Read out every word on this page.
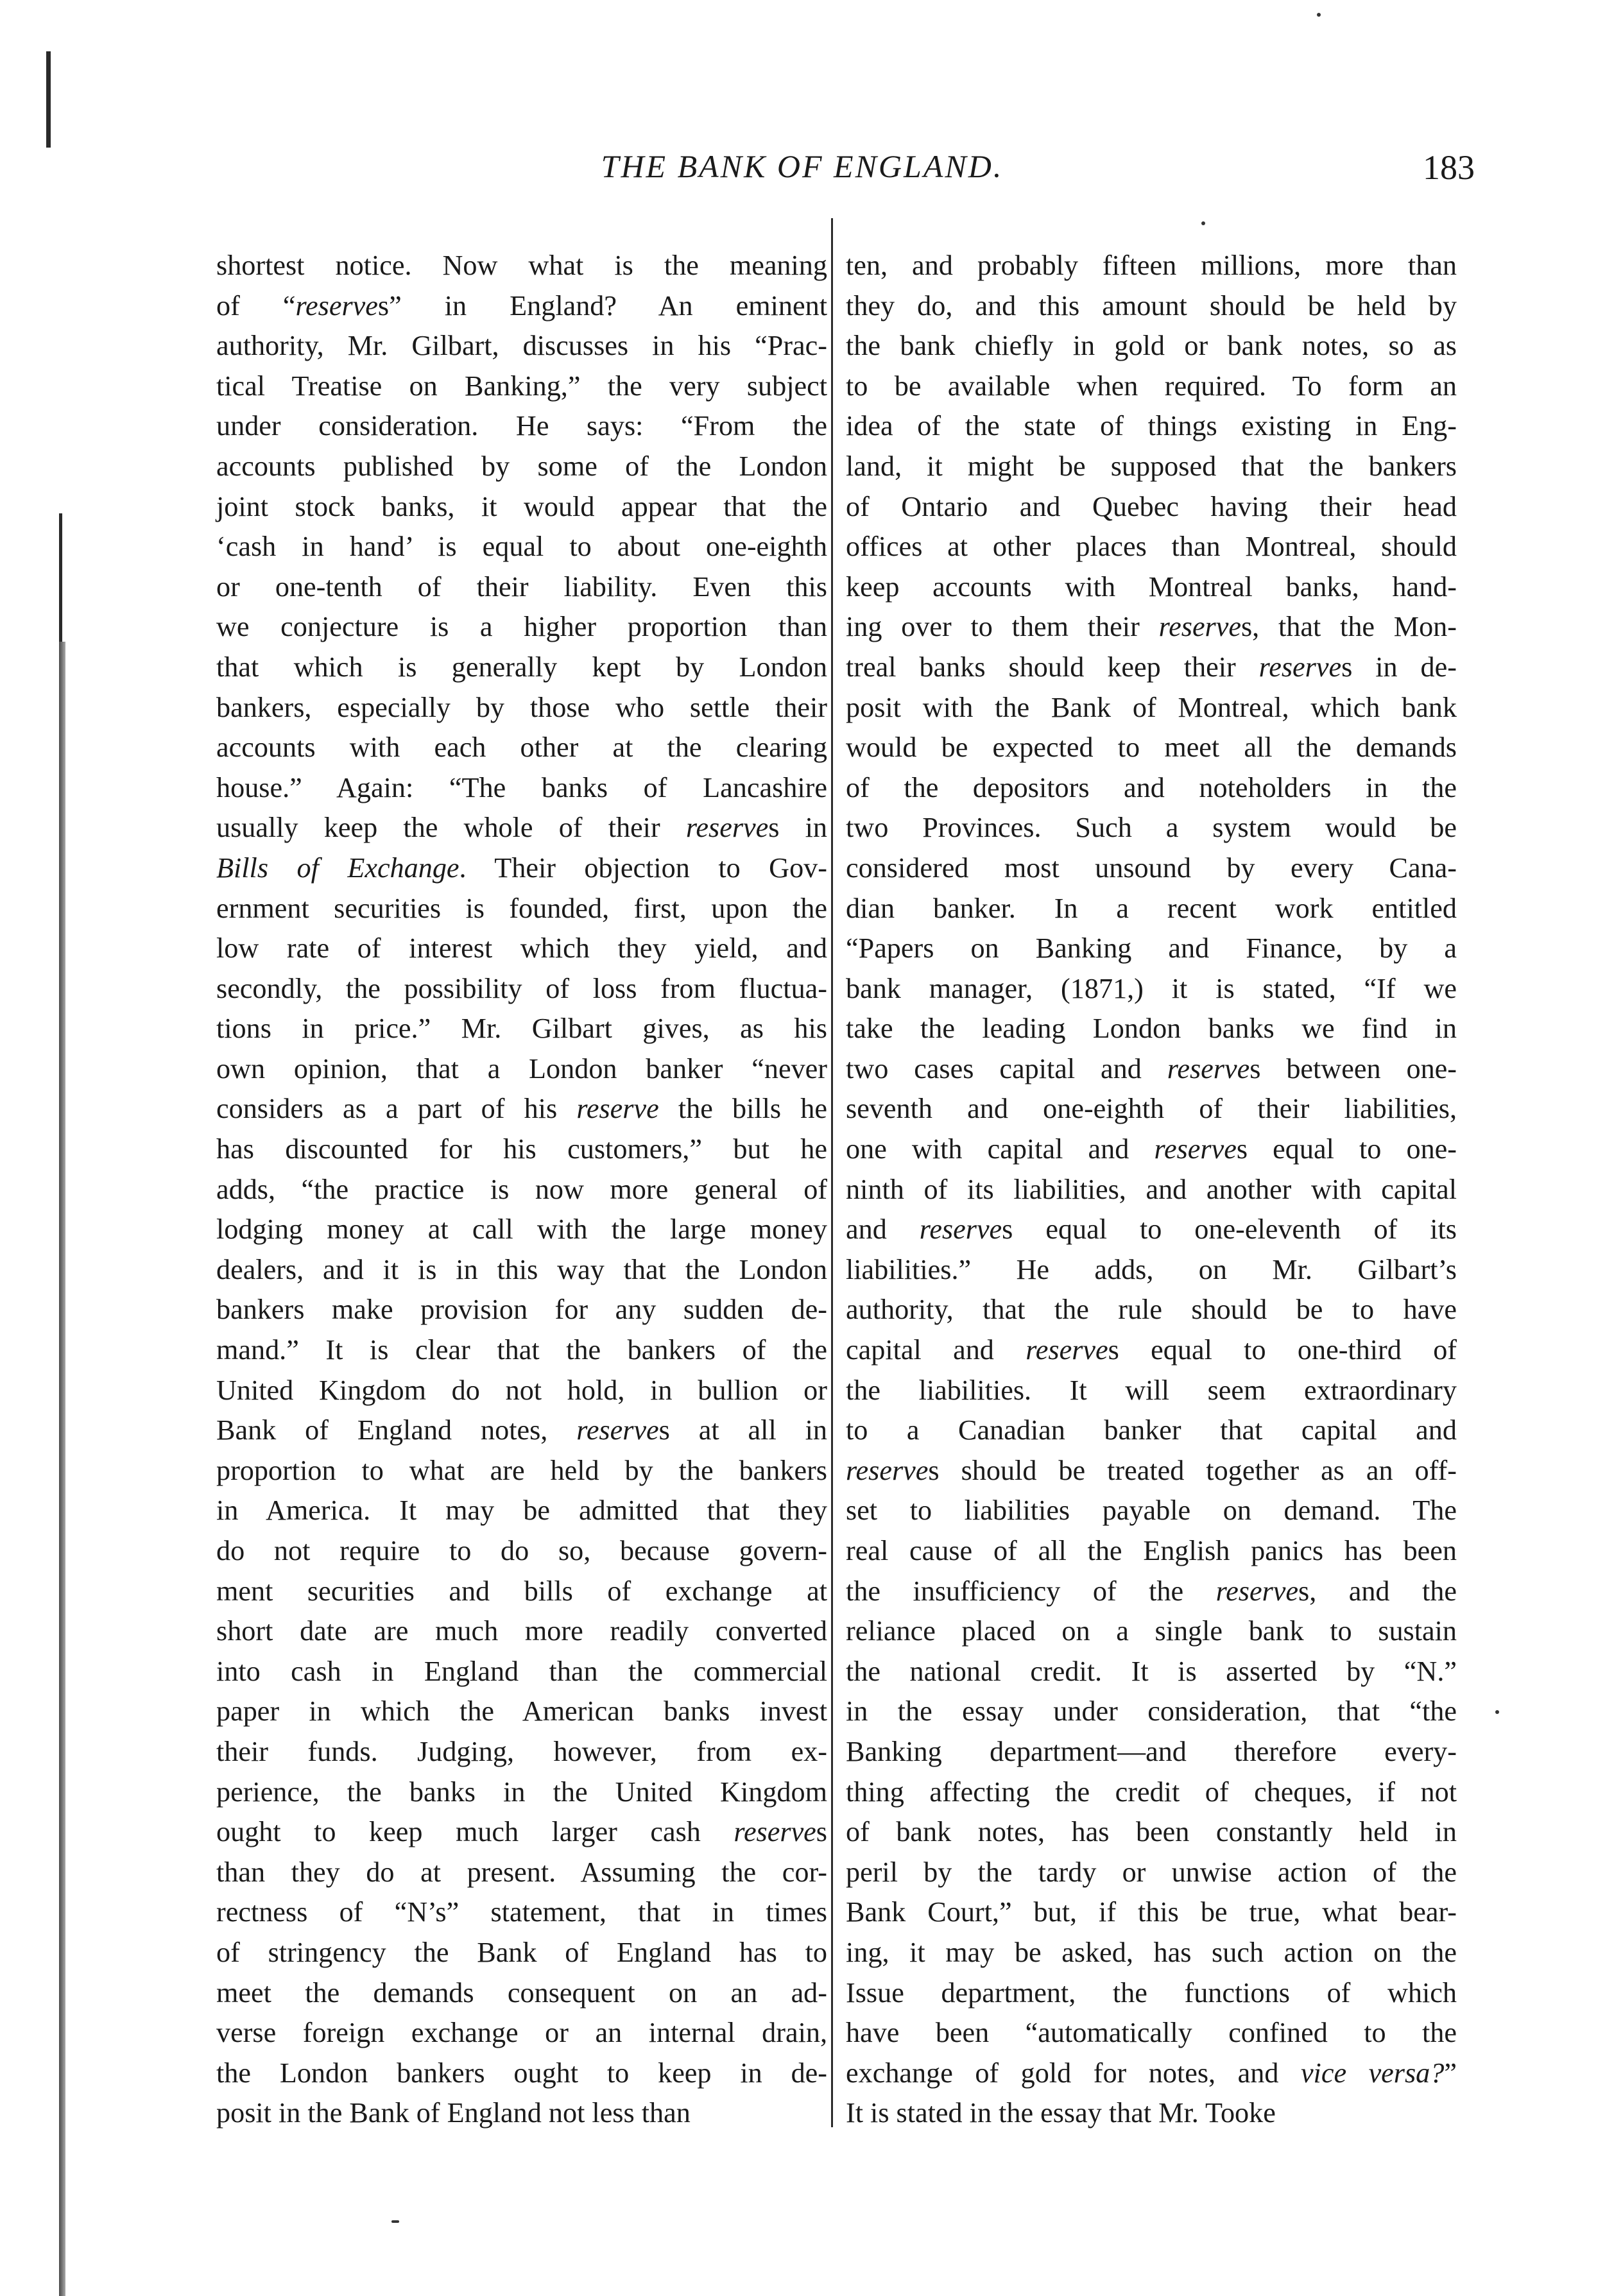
THE BANK OF ENGLAND.	183
shortest notice. Now what is the meaning
of “reserves” in England? An eminent
authority, Mr. Gilbart, discusses in his “Prac-
tical Treatise on Banking,” the very subject
under consideration. He says: “From the
accounts published by some of the London
joint stock banks, it would appear that the
‘cash in hand’ is equal to about one-eighth
or one-tenth of their liability. Even this
we conjecture is a higher proportion than
that which is generally kept by London
bankers, especially by those who settle their
accounts with each other at the clearing
house.” Again: “The banks of Lancashire
usually keep the whole of their reserves in
Bills of Exchange. Their objection to Gov-
ernment securities is founded, first, upon the
low rate of interest which they yield, and
secondly, the possibility of loss from fluctua-
tions in price.” Mr. Gilbart gives, as his
own opinion, that a London banker “never
considers as a part of his reserve the bills he
has discounted for his customers,” but he
adds, “the practice is now more general of
lodging money at call with the large money
dealers, and it is in this way that the London
bankers make provision for any sudden de-
mand.” It is clear that the bankers of the
United Kingdom do not hold, in bullion or
Bank of England notes, reserves at all in
proportion to what are held by the bankers
in America. It may be admitted that they
do not require to do so, because govern-
ment securities and bills of exchange at
short date are much more readily converted
into cash in England than the commercial
paper in which the American banks invest
their funds. Judging, however, from ex-
perience, the banks in the United Kingdom
ought to keep much larger cash reserves
than they do at present. Assuming the cor-
rectness of “N’s” statement, that in times
of stringency the Bank of England has to
meet the demands consequent on an ad-
verse foreign exchange or an internal drain,
the London bankers ought to keep in de-
posit in the Bank of England not less than
ten, and probably fifteen millions, more than
they do, and this amount should be held by
the bank chiefly in gold or bank notes, so as
to be available when required. To form an
idea of the state of things existing in Eng-
land, it might be supposed that the bankers
of Ontario and Quebec having their head
offices at other places than Montreal, should
keep accounts with Montreal banks, hand-
ing over to them their reserves, that the Mon-
treal banks should keep their reserves in de-
posit with the Bank of Montreal, which bank
would be expected to meet all the demands
of the depositors and noteholders in the
two Provinces. Such a system would be
considered most unsound by every Cana-
dian banker. In a recent work entitled
“Papers on Banking and Finance, by a
bank manager, (1871,) it is stated, “If we
take the leading London banks we find in
two cases capital and reserves between one-
seventh and one-eighth of their liabilities,
one with capital and reserves equal to one-
ninth of its liabilities, and another with capital
and reserves equal to one-eleventh of its
liabilities.” He adds, on Mr. Gilbart’s
authority, that the rule should be to have
capital and reserves equal to one-third of
the liabilities. It will seem extraordinary
to a Canadian banker that capital and
reserves should be treated together as an off-
set to liabilities payable on demand. The
real cause of all the English panics has been
the insufficiency of the reserves, and the
reliance placed on a single bank to sustain
the national credit. It is asserted by “N.”
in the essay under consideration, that “the
Banking department—and therefore every-
thing affecting the credit of cheques, if not
of bank notes, has been constantly held in
peril by the tardy or unwise action of the
Bank Court,” but, if this be true, what bear-
ing, it may be asked, has such action on the
Issue department, the functions of which
have been “automatically confined to the
exchange of gold for notes, and vice versa?”
It is stated in the essay that Mr. Tooke
